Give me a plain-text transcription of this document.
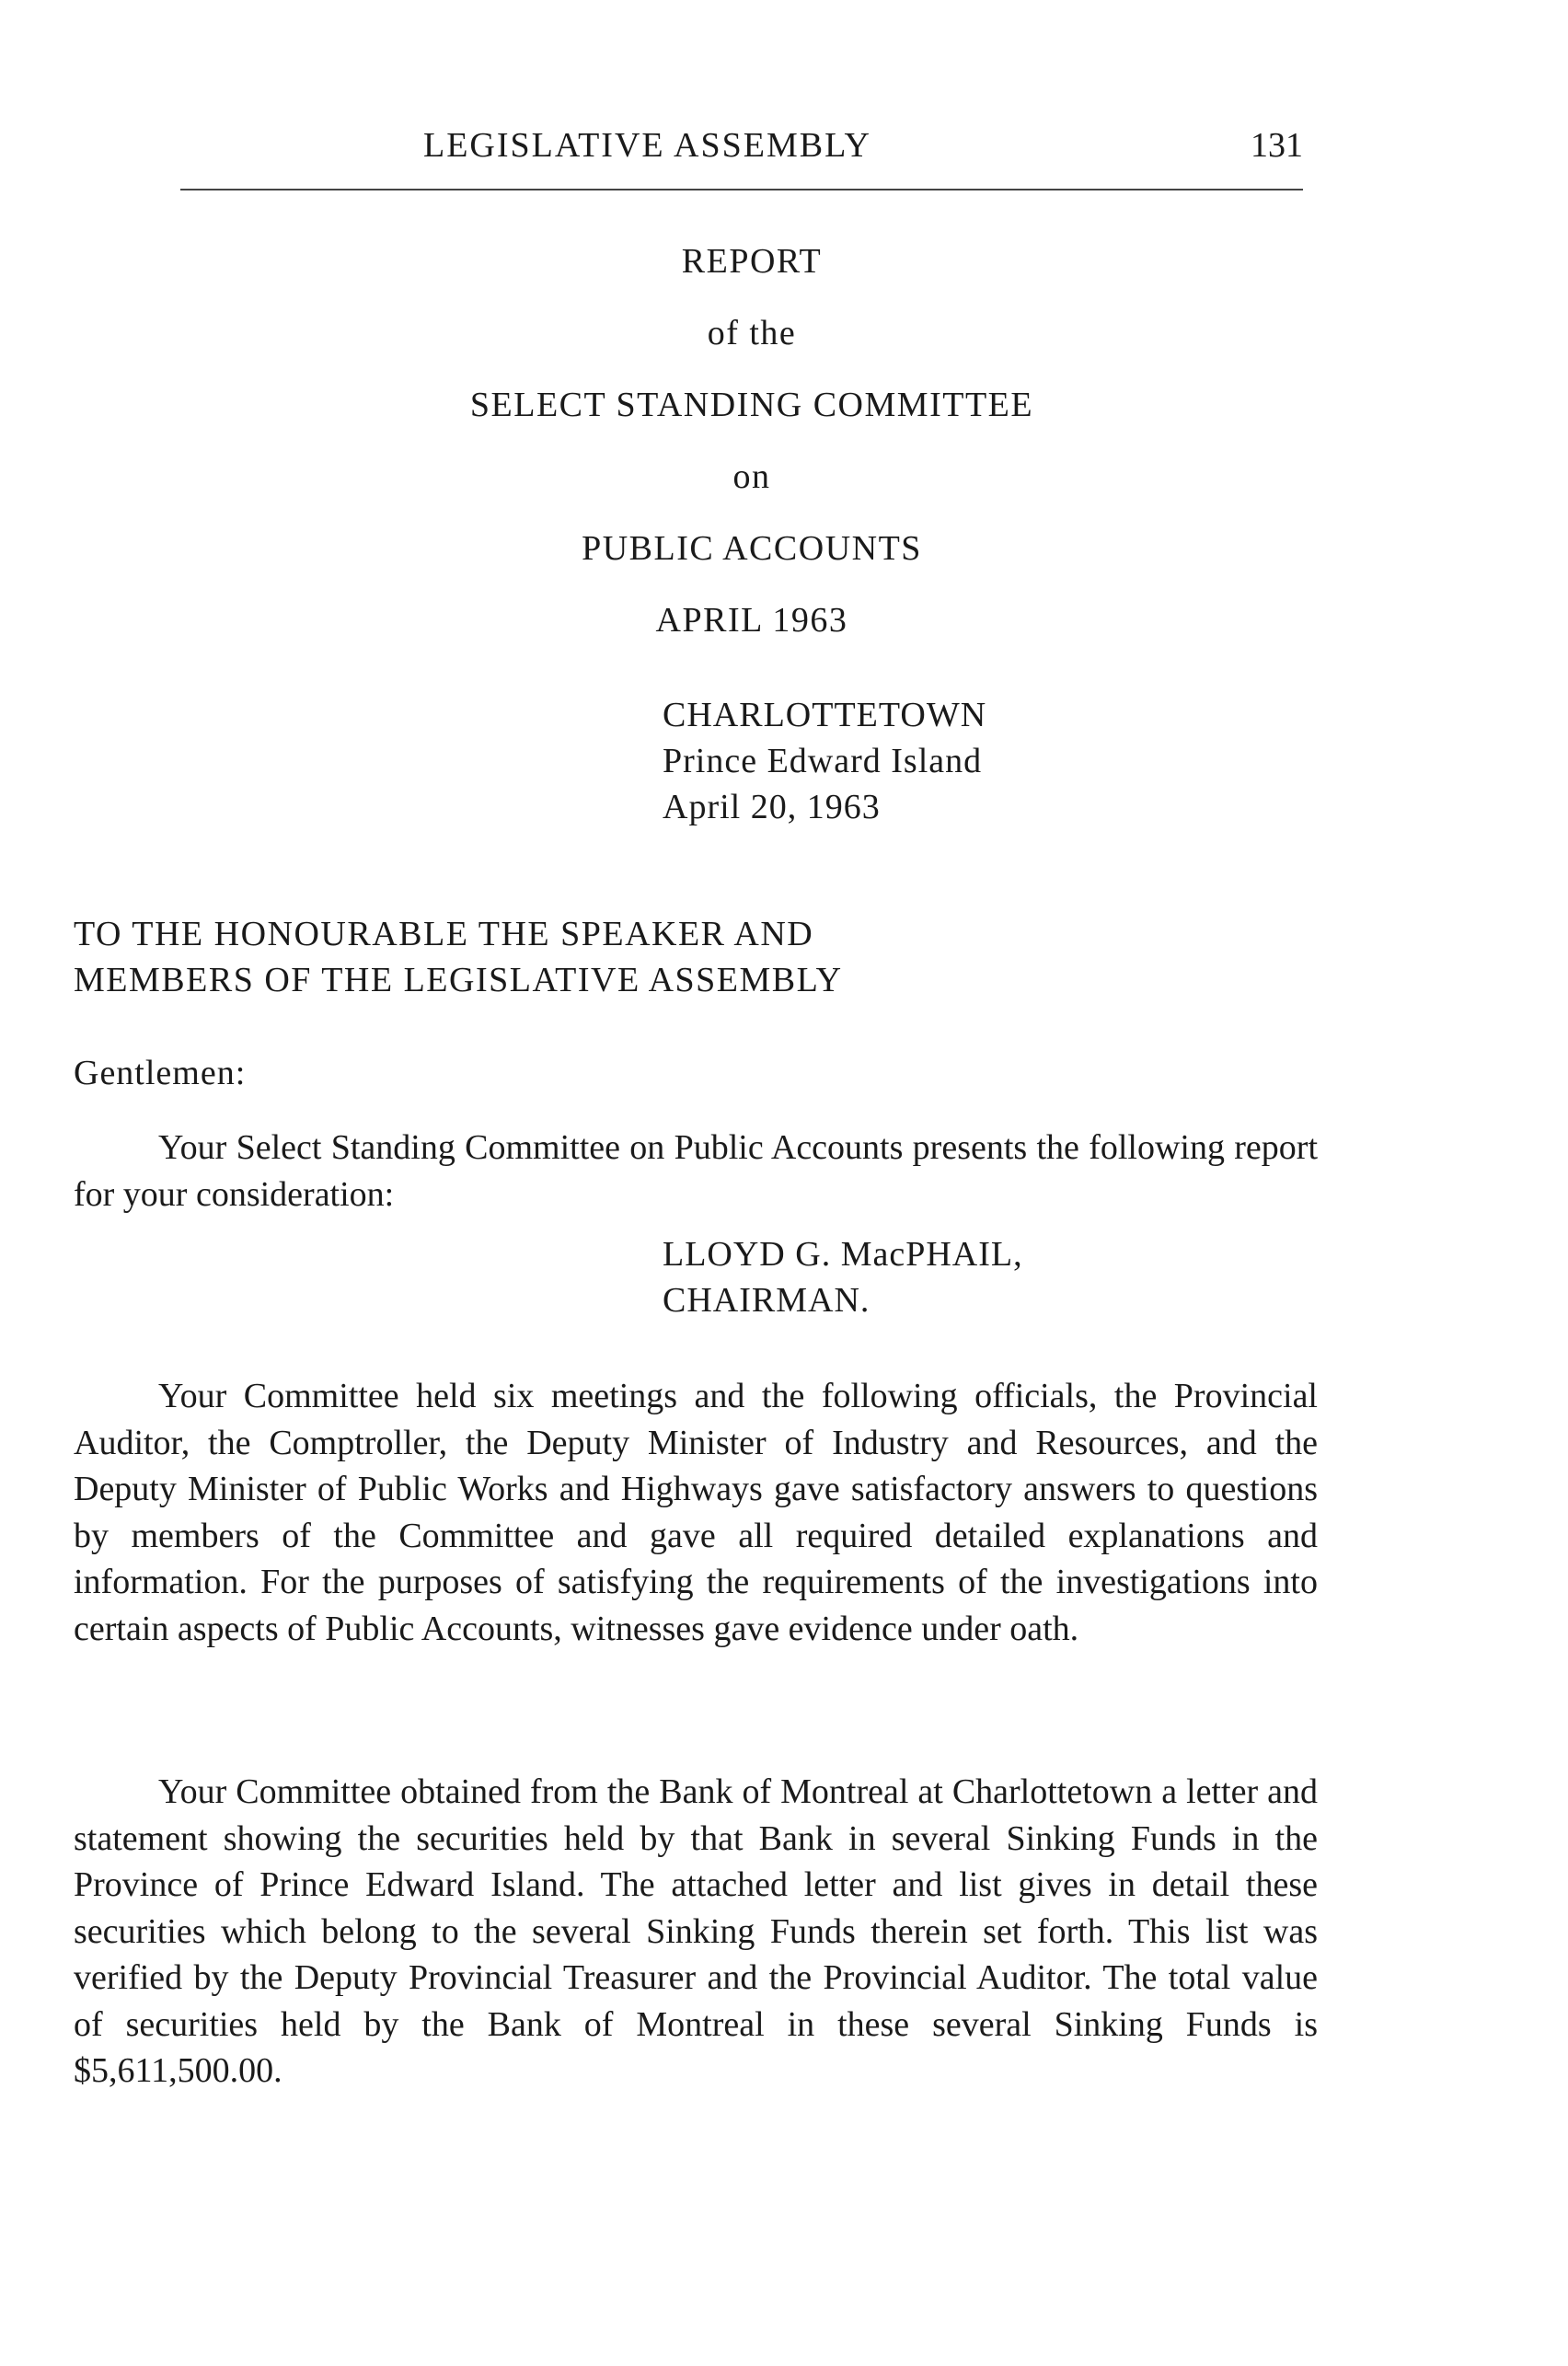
LEGISLATIVE ASSEMBLY	131
REPORT
of the
SELECT STANDING COMMITTEE
on
PUBLIC ACCOUNTS
APRIL 1963
CHARLOTTETOWN
Prince Edward Island
April 20, 1963
TO THE HONOURABLE THE SPEAKER AND
MEMBERS OF THE LEGISLATIVE ASSEMBLY
Gentlemen:
Your Select Standing Committee on Public Accounts presents the following report for your consideration:
LLOYD G. MacPHAIL,
CHAIRMAN.
Your Committee held six meetings and the following officials, the Provincial Auditor, the Comptroller, the Deputy Minister of Industry and Resources, and the Deputy Minister of Public Works and Highways gave satisfactory answers to questions by members of the Committee and gave all required detailed explanations and information. For the purposes of satisfying the requirements of the investigations into certain aspects of Public Accounts, witnesses gave evidence under oath.
Your Committee obtained from the Bank of Montreal at Charlottetown a letter and statement showing the securities held by that Bank in several Sinking Funds in the Province of Prince Edward Island. The attached letter and list gives in detail these securities which belong to the several Sinking Funds therein set forth. This list was verified by the Deputy Provincial Treasurer and the Provincial Auditor. The total value of securities held by the Bank of Montreal in these several Sinking Funds is $5,611,500.00.
